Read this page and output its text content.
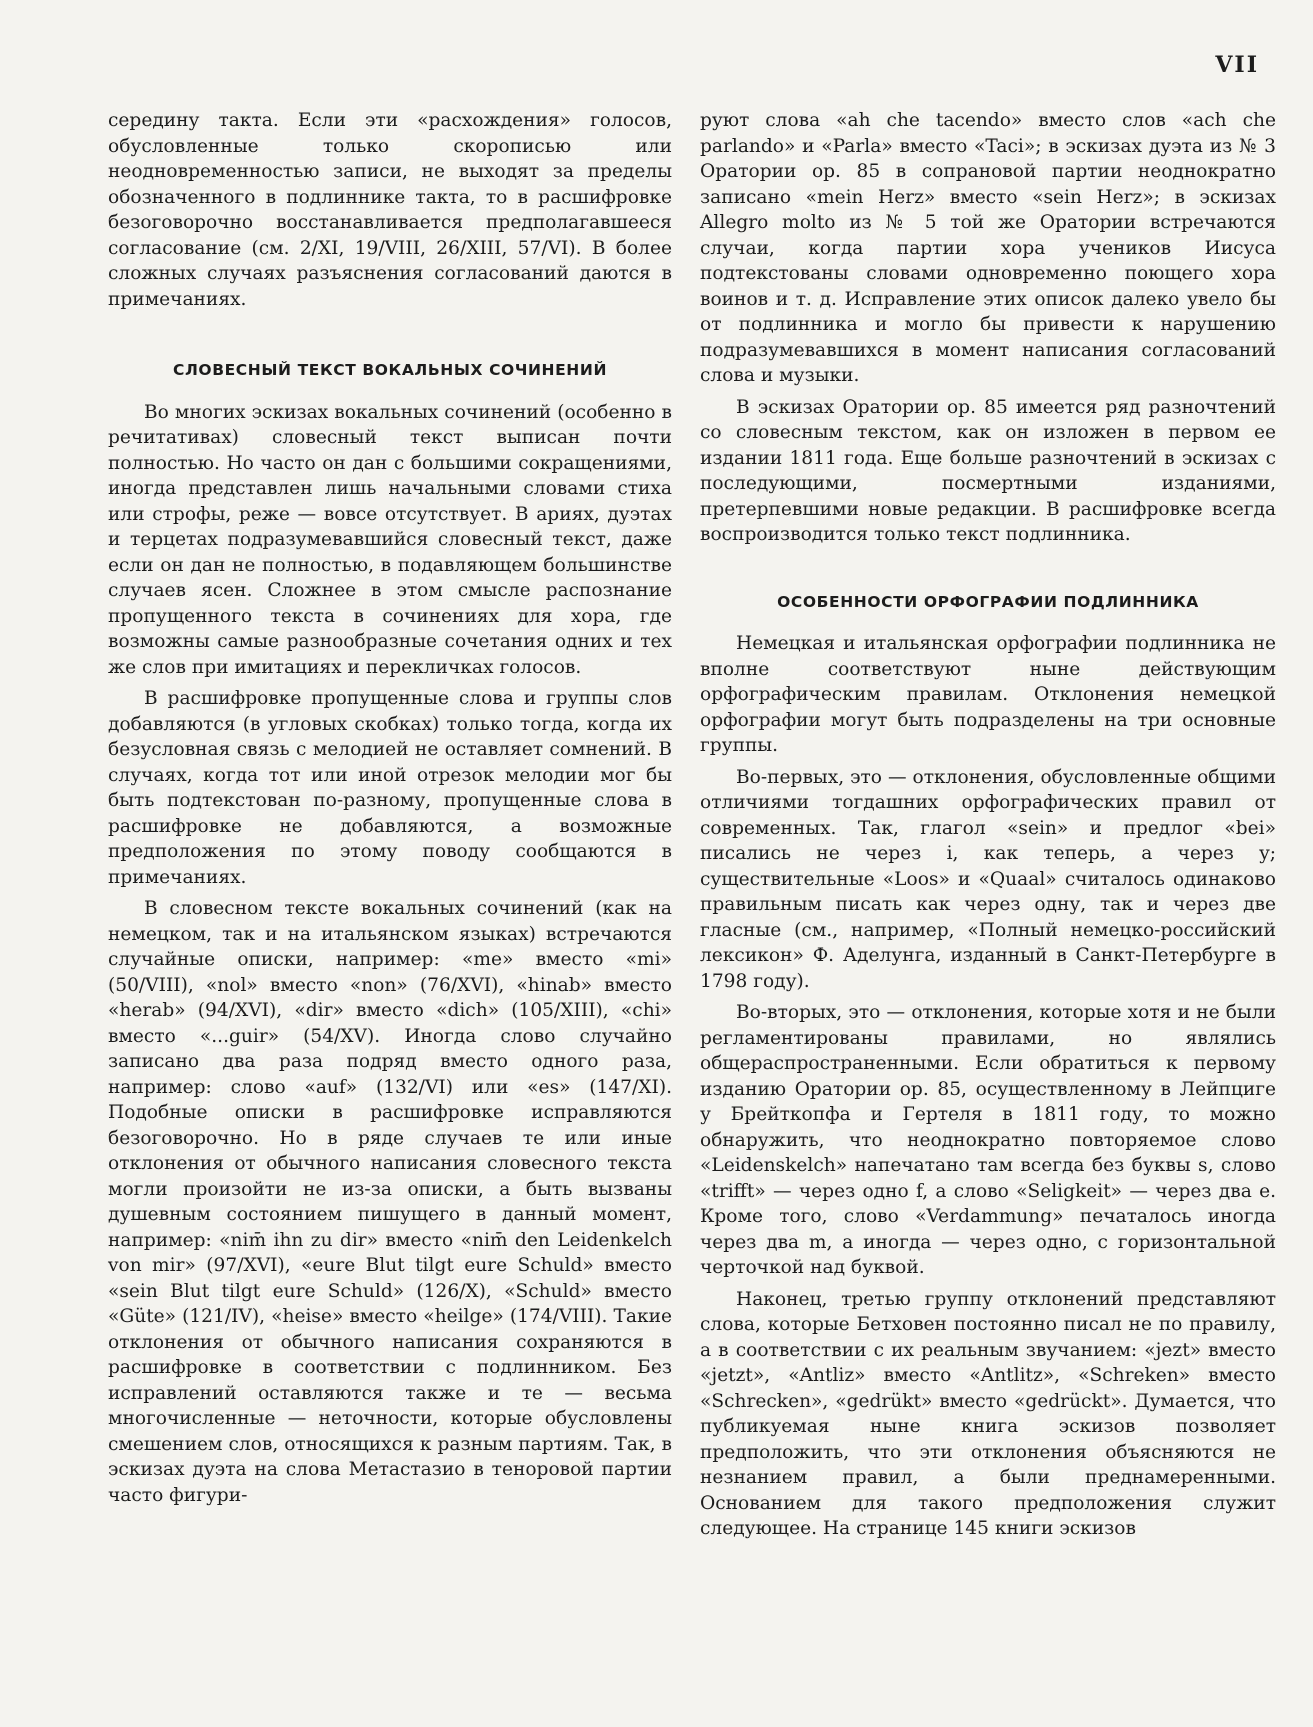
VII

середину такта. Если эти «расхождения» голосов, обусловленные только скорописью или неодновременностью записи, не выходят за пределы обозначенного в подлиннике такта, то в расшифровке безоговорочно восстанавливается предполагавшееся согласование (см. 2/XI, 19/VIII, 26/XIII, 57/VI). В более сложных случаях разъяснения согласований даются в примечаниях.

СЛОВЕСНЫЙ ТЕКСТ ВОКАЛЬНЫХ СОЧИНЕНИЙ

Во многих эскизах вокальных сочинений (особенно в речитативах) словесный текст выписан почти полностью. Но часто он дан с большими сокращениями, иногда представлен лишь начальными словами стиха или строфы, реже — вовсе отсутствует. В ариях, дуэтах и терцетах подразумевавшийся словесный текст, даже если он дан не полностью, в подавляющем большинстве случаев ясен. Сложнее в этом смысле распознание пропущенного текста в сочинениях для хора, где возможны самые разнообразные сочетания одних и тех же слов при имитациях и перекличках голосов.

В расшифровке пропущенные слова и группы слов добавляются (в угловых скобках) только тогда, когда их безусловная связь с мелодией не оставляет сомнений. В случаях, когда тот или иной отрезок мелодии мог бы быть подтекстован по-разному, пропущенные слова в расшифровке не добавляются, а возможные предположения по этому поводу сообщаются в примечаниях.

В словесном тексте вокальных сочинений (как на немецком, так и на итальянском языках) встречаются случайные описки, например: «me» вместо «mi» (50/VIII), «nol» вместо «non» (76/XVI), «hinab» вместо «herab» (94/XVI), «dir» вместо «dich» (105/XIII), «chi» вместо «...guir» (54/XV). Иногда слово случайно записано два раза подряд вместо одного раза, например: слово «auf» (132/VI) или «es» (147/XI). Подобные описки в расшифровке исправляются безоговорочно. Но в ряде случаев те или иные отклонения от обычного написания словесного текста могли произойти не из-за описки, а быть вызваны душевным состоянием пишущего в данный момент, например: «nim̄ ihn zu dir» вместо «nim̄ den Leidenkelch von mir» (97/XVI), «eure Blut tilgt eure Schuld» вместо «sein Blut tilgt eure Schuld» (126/X), «Schuld» вместо «Güte» (121/IV), «heise» вместо «heilge» (174/VIII). Такие отклонения от обычного написания сохраняются в расшифровке в соответствии с подлинником. Без исправлений оставляются также и те — весьма многочисленные — неточности, которые обусловлены смешением слов, относящихся к разным партиям. Так, в эскизах дуэта на слова Метастазио в теноровой партии часто фигури-

руют слова «ah che tacendo» вместо слов «ach che parlando» и «Parla» вместо «Taci»; в эскизах дуэта из № 3 Оратории ор. 85 в сопрановой партии неоднократно записано «mein Herz» вместо «sein Herz»; в эскизах Allegro molto из № 5 той же Оратории встречаются случаи, когда партии хора учеников Иисуса подтекстованы словами одновременно поющего хора воинов и т. д. Исправление этих описок далеко увело бы от подлинника и могло бы привести к нарушению подразумевавшихся в момент написания согласований слова и музыки.

В эскизах Оратории ор. 85 имеется ряд разночтений со словесным текстом, как он изложен в первом ее издании 1811 года. Еще больше разночтений в эскизах с последующими, посмертными изданиями, претерпевшими новые редакции. В расшифровке всегда воспроизводится только текст подлинника.

ОСОБЕННОСТИ ОРФОГРАФИИ ПОДЛИННИКА

Немецкая и итальянская орфографии подлинника не вполне соответствуют ныне действующим орфографическим правилам. Отклонения немецкой орфографии могут быть подразделены на три основные группы.

Во-первых, это — отклонения, обусловленные общими отличиями тогдашних орфографических правил от современных. Так, глагол «sein» и предлог «bei» писались не через i, как теперь, а через y; существительные «Loos» и «Quaal» считалось одинаково правильным писать как через одну, так и через две гласные (см., например, «Полный немецко-российский лексикон» Ф. Аделунга, изданный в Санкт-Петербурге в 1798 году).

Во-вторых, это — отклонения, которые хотя и не были регламентированы правилами, но являлись общераспространенными. Если обратиться к первому изданию Оратории ор. 85, осуществленному в Лейпциге у Брейткопфа и Гертеля в 1811 году, то можно обнаружить, что неоднократно повторяемое слово «Leidenskelch» напечатано там всегда без буквы s, слово «trifft» — через одно f, а слово «Seligkeit» — через два e. Кроме того, слово «Verdammung» печаталось иногда через два m, а иногда — через одно, с горизонтальной черточкой над буквой.

Наконец, третью группу отклонений представляют слова, которые Бетховен постоянно писал не по правилу, а в соответствии с их реальным звучанием: «jezt» вместо «jetzt», «Antliz» вместо «Antlitz», «Schreken» вместо «Schrecken», «gedrükt» вместо «gedrückt». Думается, что публикуемая ныне книга эскизов позволяет предположить, что эти отклонения объясняются не незнанием правил, а были преднамеренными. Основанием для такого предположения служит следующее. На странице 145 книги эскизов
